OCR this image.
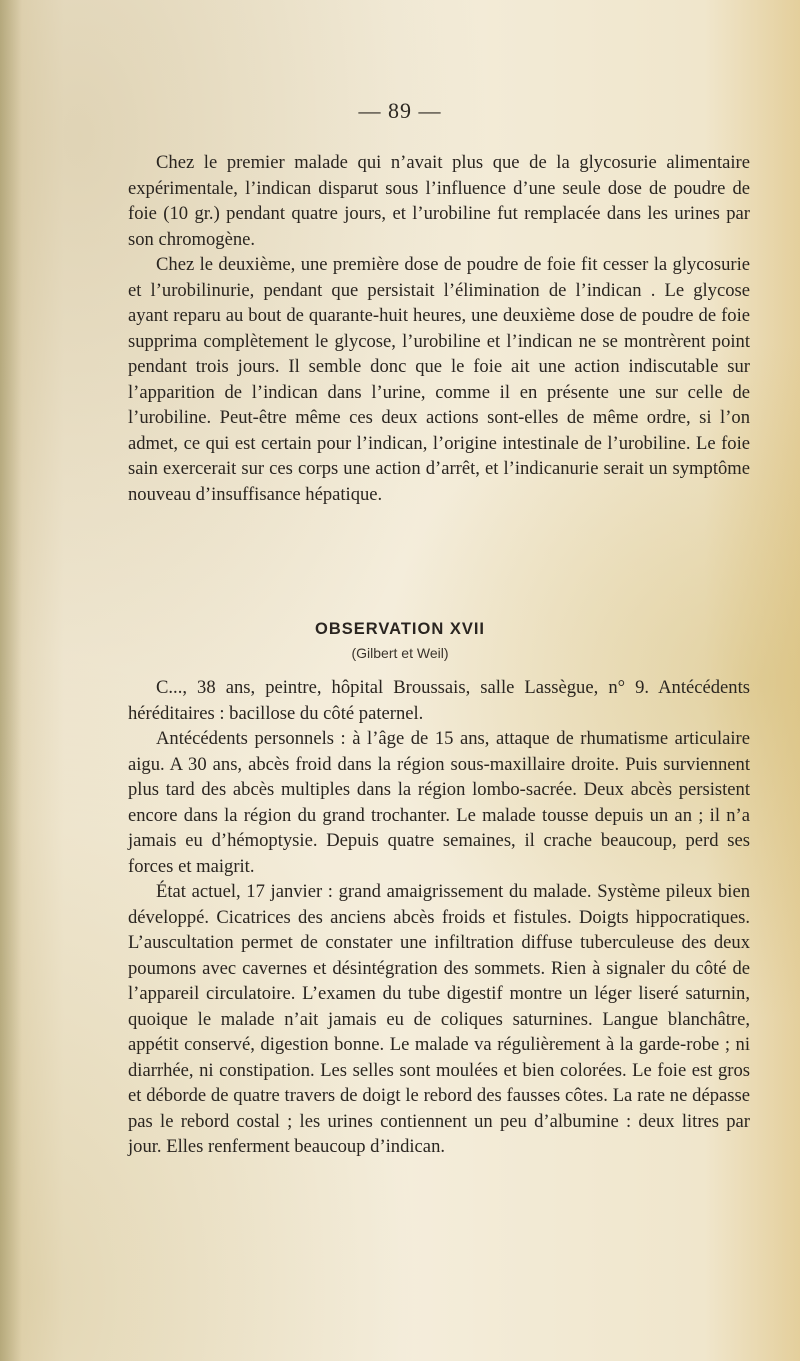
— 89 —

Chez le premier malade qui n’avait plus que de la glycosurie alimentaire expérimentale, l’indican disparut sous l’influence d’une seule dose de poudre de foie (10 gr.) pendant quatre jours, et l’urobiline fut remplacée dans les urines par son chromogène.

Chez le deuxième, une première dose de poudre de foie fit cesser la glycosurie et l’urobilinurie, pendant que persistait l’élimination de l’indican . Le glycose ayant reparu au bout de quarante-huit heures, une deuxième dose de poudre de foie supprima complètement le glycose, l’urobiline et l’indican ne se montrèrent point pendant trois jours. Il semble donc que le foie ait une action indiscutable sur l’apparition de l’indican dans l’urine, comme il en présente une sur celle de l’urobiline. Peut-être même ces deux actions sont-elles de même ordre, si l’on admet, ce qui est certain pour l’indican, l’origine intestinale de l’urobiline. Le foie sain exercerait sur ces corps une action d’arrêt, et l’indicanurie serait un symptôme nouveau d’insuffisance hépatique.

OBSERVATION XVII
(Gilbert et Weil)

C..., 38 ans, peintre, hôpital Broussais, salle Lassègue, n° 9. Antécédents héréditaires : bacillose du côté paternel.

Antécédents personnels : à l’âge de 15 ans, attaque de rhumatisme articulaire aigu. A 30 ans, abcès froid dans la région sous-maxillaire droite. Puis surviennent plus tard des abcès multiples dans la région lombo-sacrée. Deux abcès persistent encore dans la région du grand trochanter. Le malade tousse depuis un an ; il n’a jamais eu d’hémoptysie. Depuis quatre semaines, il crache beaucoup, perd ses forces et maigrit.

État actuel, 17 janvier : grand amaigrissement du malade. Système pileux bien développé. Cicatrices des anciens abcès froids et fistules. Doigts hippocratiques. L’auscultation permet de constater une infiltration diffuse tuberculeuse des deux poumons avec cavernes et désintégration des sommets. Rien à signaler du côté de l’appareil circulatoire. L’examen du tube digestif montre un léger liseré saturnin, quoique le malade n’ait jamais eu de coliques saturnines. Langue blanchâtre, appétit conservé, digestion bonne. Le malade va régulièrement à la garde-robe ; ni diarrhée, ni constipation. Les selles sont moulées et bien colorées. Le foie est gros et déborde de quatre travers de doigt le rebord des fausses côtes. La rate ne dépasse pas le rebord costal ; les urines contiennent un peu d’albumine : deux litres par jour. Elles renferment beaucoup d’indican.
